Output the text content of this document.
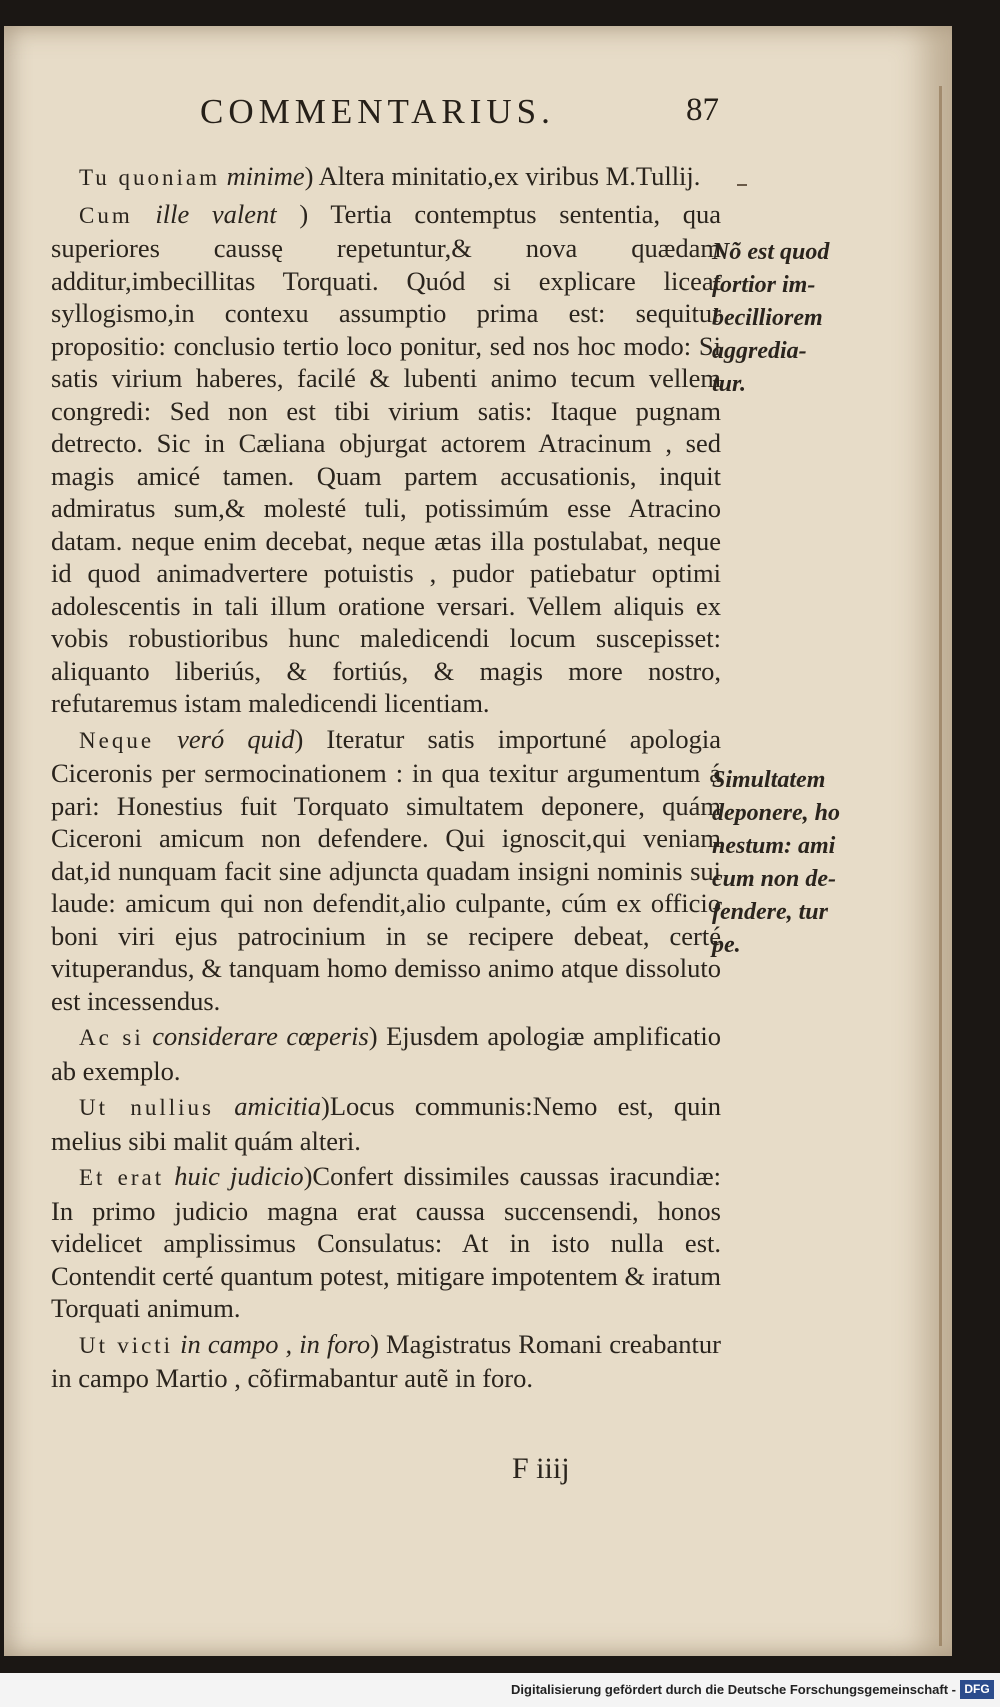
COMMENTARIUS.	87

Tu quoniam minime) Altera minitatio,ex viribus M.Tullij.

Cum ille valent ) Tertia contemptus sententia, qua superiores caussę repetuntur,& nova quædam additur,imbecillitas Torquati. Quód si explicare liceat syllogismo,in contexu assumptio prima est: sequitur propositio: conclusio tertio loco ponitur, sed nos hoc modo: Si satis virium haberes, facilé & lubenti animo tecum vellem congredi: Sed non est tibi virium satis: Itaque pugnam detrecto. Sic in Cæliana objurgat actorem Atracinum , sed magis amicé tamen. Quam partem accusationis, inquit admiratus sum,& molesté tuli, potissimúm esse Atracino datam. neque enim decebat, neque ætas illa postulabat, neque id quod animadvertere potuistis , pudor patiebatur optimi adolescentis in tali illum oratione versari. Vellem aliquis ex vobis robustioribus hunc maledicendi locum suscepisset: aliquanto liberiús, & fortiús, & magis more nostro, refutaremus istam maledicendi licentiam.

Neque veró quid) Iteratur satis importuné apologia Ciceronis per sermocinationem : in qua texitur argumentum á pari: Honestius fuit Torquato simultatem deponere, quám Ciceroni amicum non defendere. Qui ignoscit,qui veniam dat,id nunquam facit sine adjuncta quadam insigni nominis sui laude: amicum qui non defendit,alio culpante, cúm ex officio boni viri ejus patrocinium in se recipere debeat, certé vituperandus, & tanquam homo demisso animo atque dissoluto est incessendus.

Ac si considerare cœperis) Ejusdem apologiæ amplificatio ab exemplo.

Ut nullius amicitia)Locus communis:Nemo est, quin melius sibi malit quám alteri.

Et erat huic judicio)Confert dissimiles caussas iracundiæ: In primo judicio magna erat caussa succensendi, honos videlicet amplissimus Consulatus: At in isto nulla est. Contendit certé quantum potest, mitigare impotentem & iratum Torquati animum.

Ut victi in campo , in foro) Magistratus Romani creabantur in campo Martio , cõfirmabantur autẽ in foro.

Nõ est quod
fortior im-
becilliorem
aggredia-
tur.
Simultatem
deponere, ho
nestum: ami
cum non de-
fendere, tur
pe.
F iiij
Digitalisierung gefördert durch die Deutsche Forschungsgemeinschaft - DFG
